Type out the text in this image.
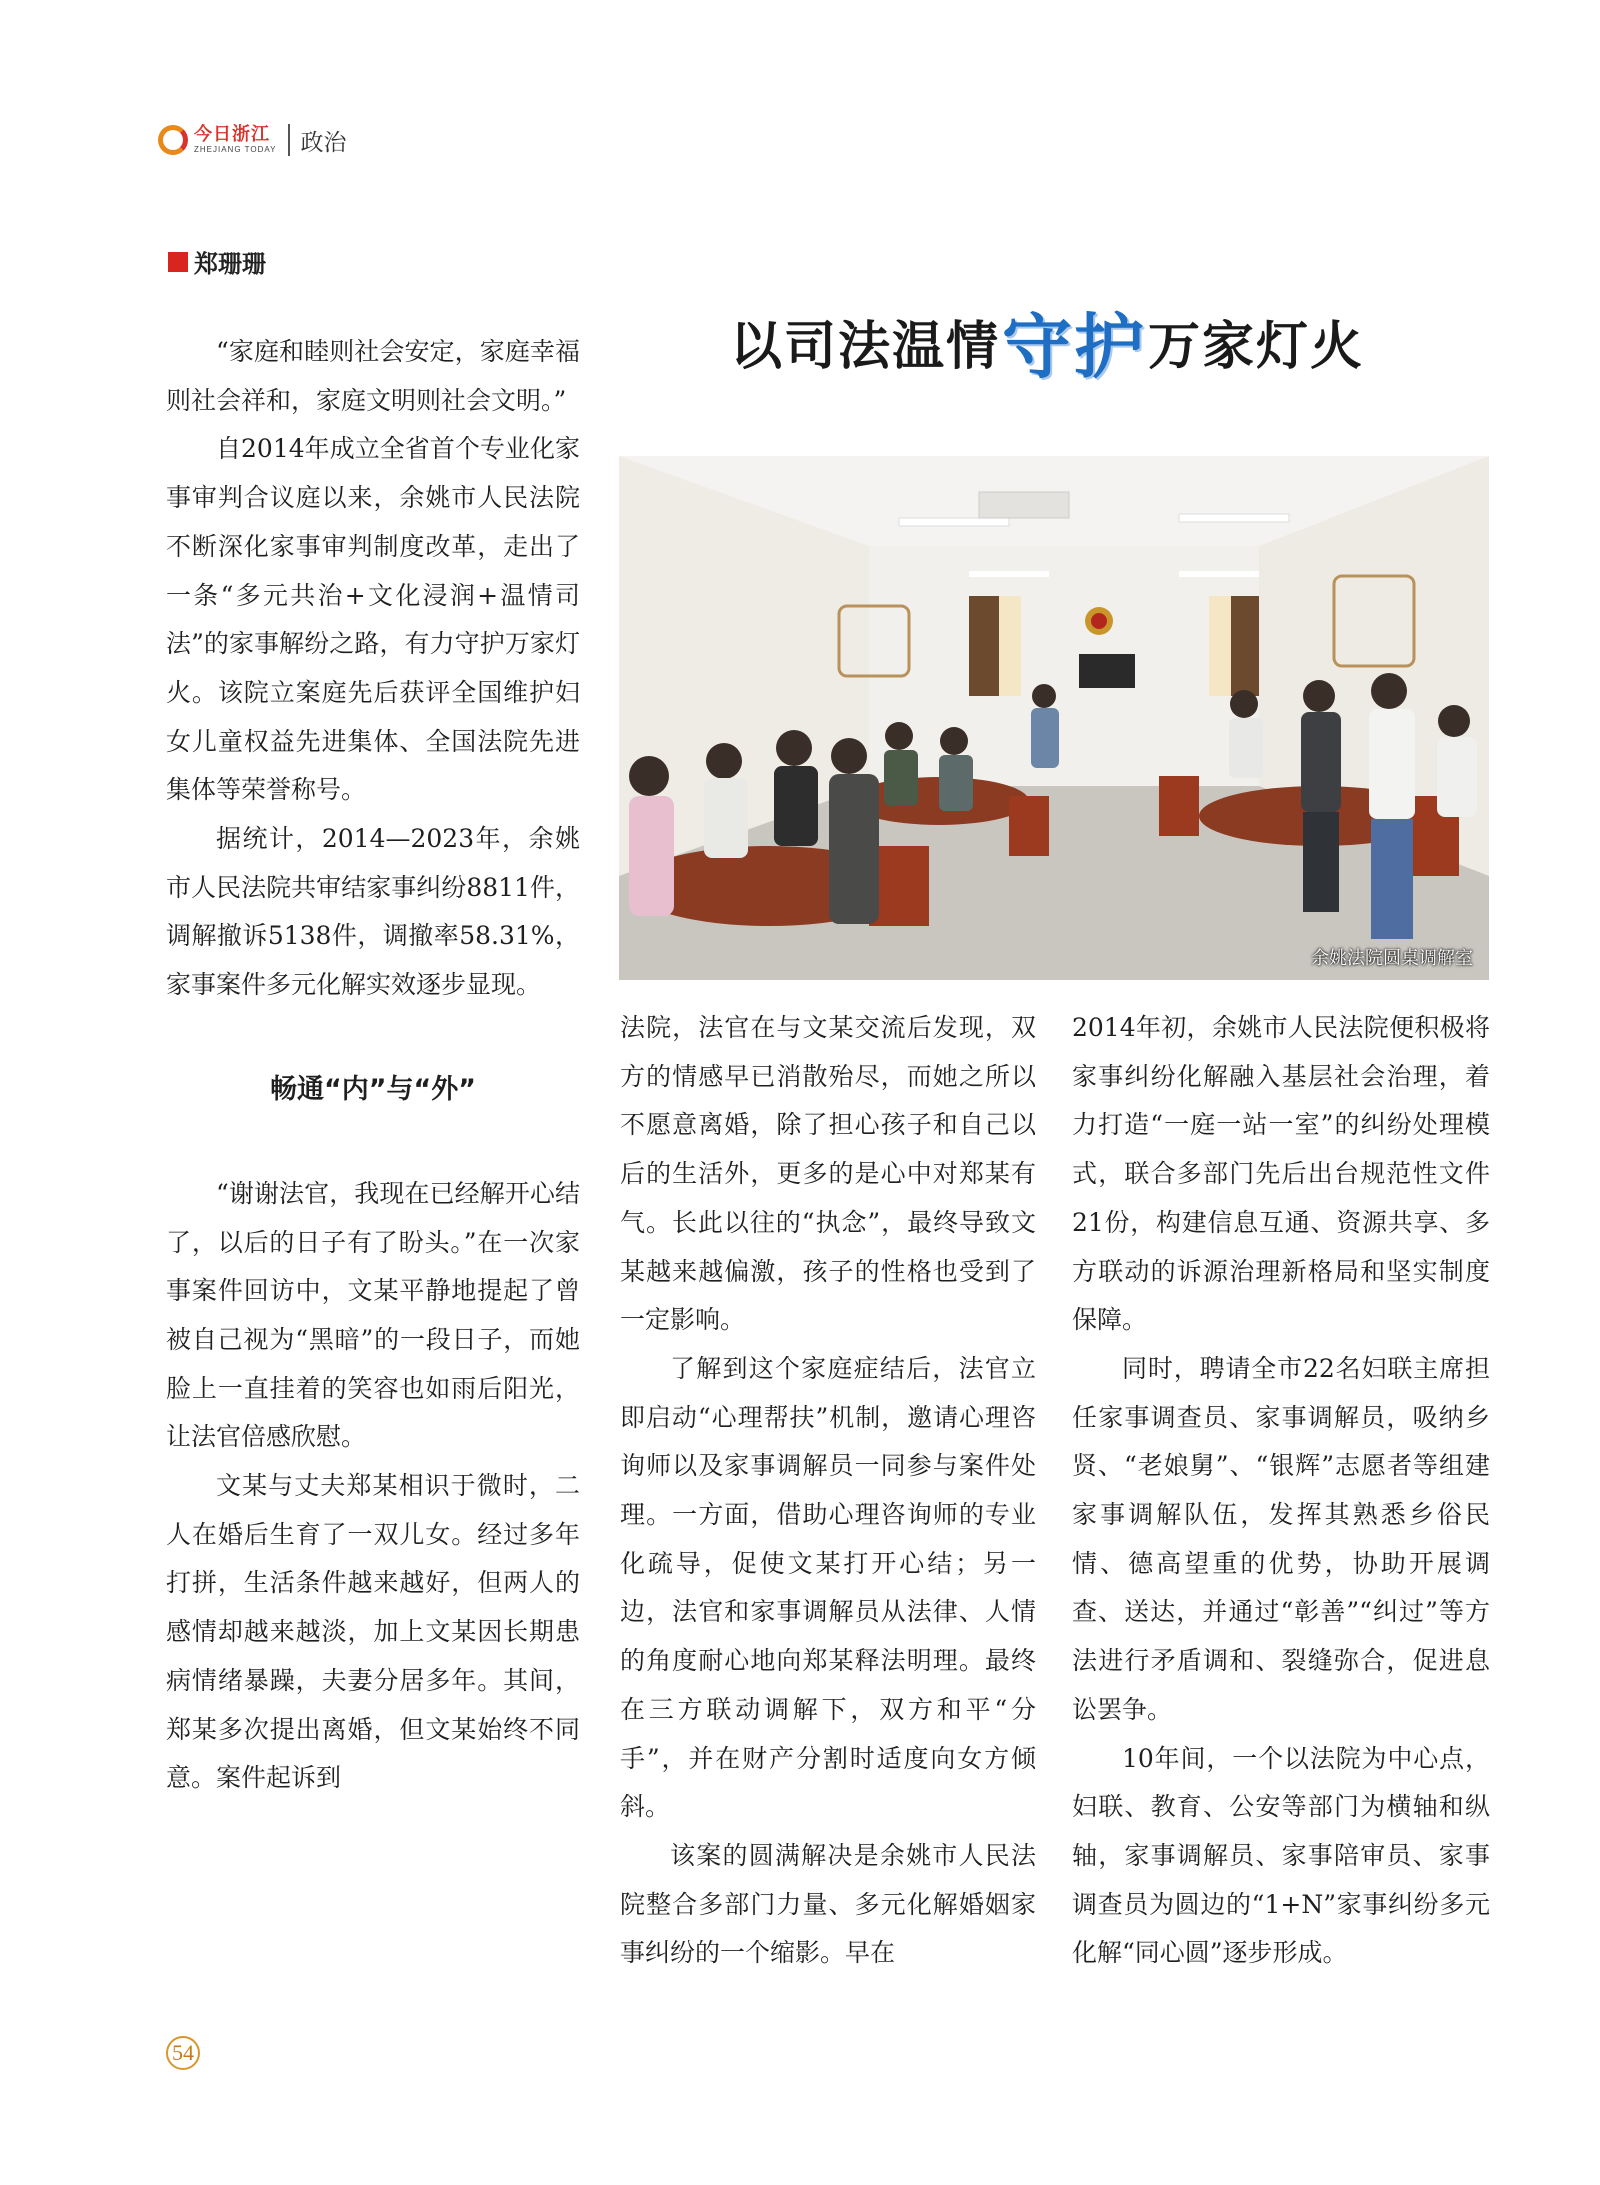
今日浙江
ZHEJIANG TODAY 政治
郑珊珊
以司法温情 守护 万家灯火
余姚法院圆桌调解室

“家庭和睦则社会安定，家庭幸福则社会祥和，家庭文明则社会文明。”

自2014年成立全省首个专业化家事审判合议庭以来，余姚市人民法院不断深化家事审判制度改革，走出了一条“多元共治+文化浸润+温情司法”的家事解纷之路，有力守护万家灯火。该院立案庭先后获评全国维护妇女儿童权益先进集体、全国法院先进集体等荣誉称号。

据统计，2014—2023年，余姚市人民法院共审结家事纠纷8811件，调解撤诉5138件，调撤率58.31%，家事案件多元化解实效逐步显现。

畅通“内”与“外”

“谢谢法官，我现在已经解开心结了，以后的日子有了盼头。”在一次家事案件回访中，文某平静地提起了曾被自己视为“黑暗”的一段日子，而她脸上一直挂着的笑容也如雨后阳光，让法官倍感欣慰。

文某与丈夫郑某相识于微时，二人在婚后生育了一双儿女。经过多年打拼，生活条件越来越好，但两人的感情却越来越淡，加上文某因长期患病情绪暴躁，夫妻分居多年。其间，郑某多次提出离婚，但文某始终不同意。案件起诉到

法院，法官在与文某交流后发现，双方的情感早已消散殆尽，而她之所以不愿意离婚，除了担心孩子和自己以后的生活外，更多的是心中对郑某有气。长此以往的“执念”，最终导致文某越来越偏激，孩子的性格也受到了一定影响。

了解到这个家庭症结后，法官立即启动“心理帮扶”机制，邀请心理咨询师以及家事调解员一同参与案件处理。一方面，借助心理咨询师的专业化疏导，促使文某打开心结；另一边，法官和家事调解员从法律、人情的角度耐心地向郑某释法明理。最终在三方联动调解下，双方和平“分手”，并在财产分割时适度向女方倾斜。

该案的圆满解决是余姚市人民法院整合多部门力量、多元化解婚姻家事纠纷的一个缩影。早在

2014年初，余姚市人民法院便积极将家事纠纷化解融入基层社会治理，着力打造“一庭一站一室”的纠纷处理模式，联合多部门先后出台规范性文件21份，构建信息互通、资源共享、多方联动的诉源治理新格局和坚实制度保障。

同时，聘请全市22名妇联主席担任家事调查员、家事调解员，吸纳乡贤、“老娘舅”、“银辉”志愿者等组建家事调解队伍，发挥其熟悉乡俗民情、德高望重的优势，协助开展调查、送达，并通过“彰善”“纠过”等方法进行矛盾调和、裂缝弥合，促进息讼罢争。

10年间，一个以法院为中心点，妇联、教育、公安等部门为横轴和纵轴，家事调解员、家事陪审员、家事调查员为圆边的“1+N”家事纠纷多元化解“同心圆”逐步形成。

54
